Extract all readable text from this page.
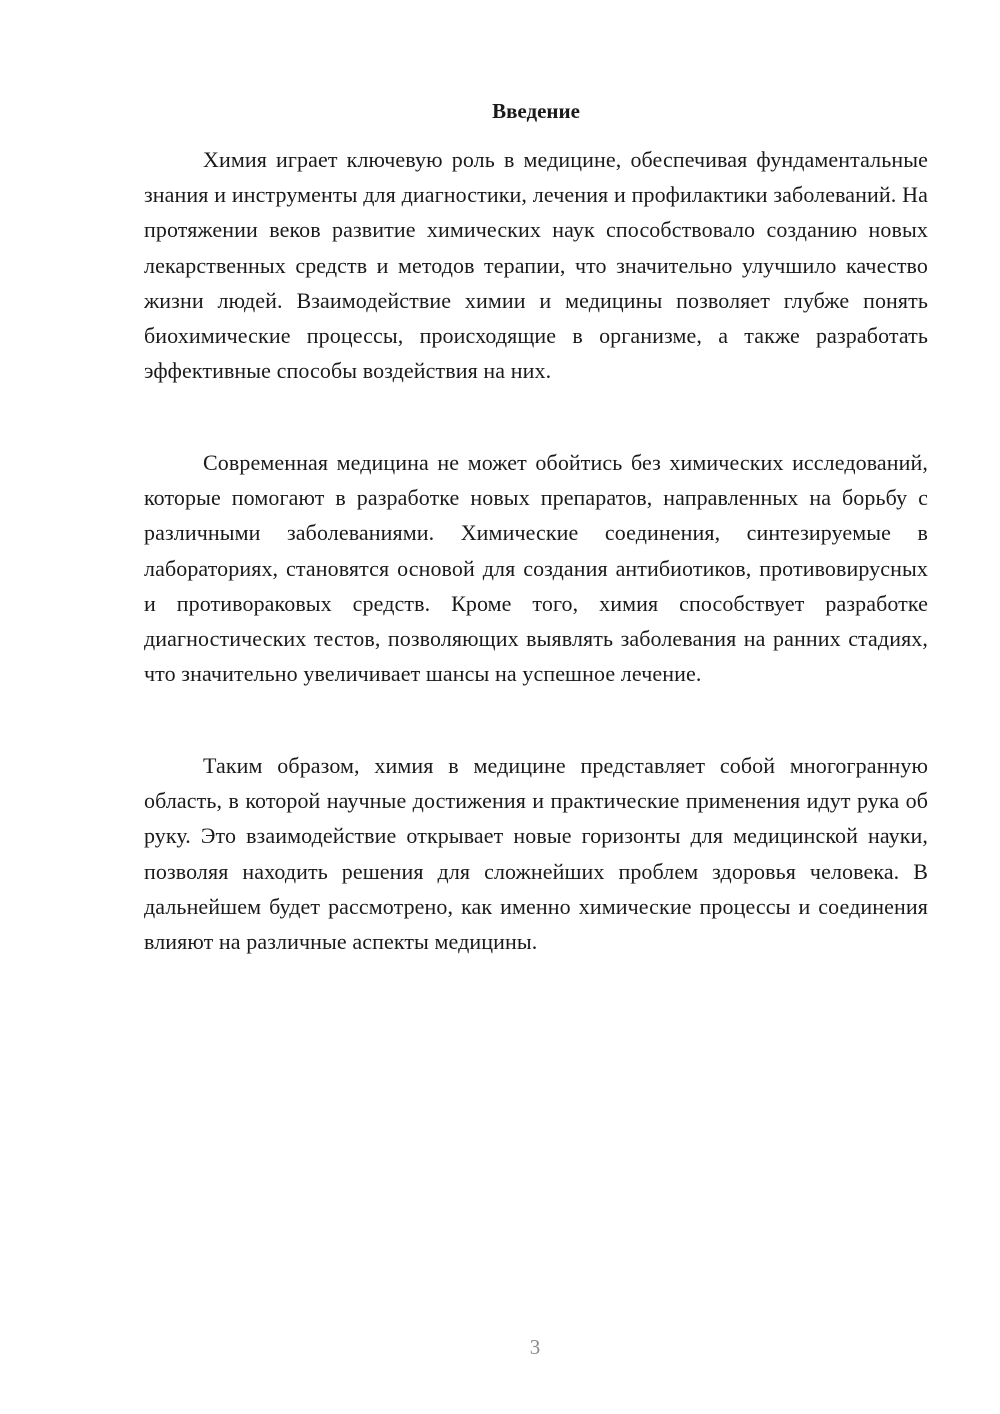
Введение

Химия играет ключевую роль в медицине, обеспечивая фундаментальные знания и инструменты для диагностики, лечения и профилактики заболеваний. На протяжении веков развитие химических наук способствовало созданию новых лекарственных средств и методов терапии, что значительно улучшило качество жизни людей. Взаимодействие химии и медицины позволяет глубже понять биохимические процессы, происходящие в организме, а также разработать эффективные способы воздействия на них.

Современная медицина не может обойтись без химических исследований, которые помогают в разработке новых препаратов, направленных на борьбу с различными заболеваниями. Химические соединения, синтезируемые в лабораториях, становятся основой для создания антибиотиков, противовирусных и противораковых средств. Кроме того, химия способствует разработке диагностических тестов, позволяющих выявлять заболевания на ранних стадиях, что значительно увеличивает шансы на успешное лечение.

Таким образом, химия в медицине представляет собой многогранную область, в которой научные достижения и практические применения идут рука об руку. Это взаимодействие открывает новые горизонты для медицинской науки, позволяя находить решения для сложнейших проблем здоровья человека. В дальнейшем будет рассмотрено, как именно химические процессы и соединения влияют на различные аспекты медицины.

3
